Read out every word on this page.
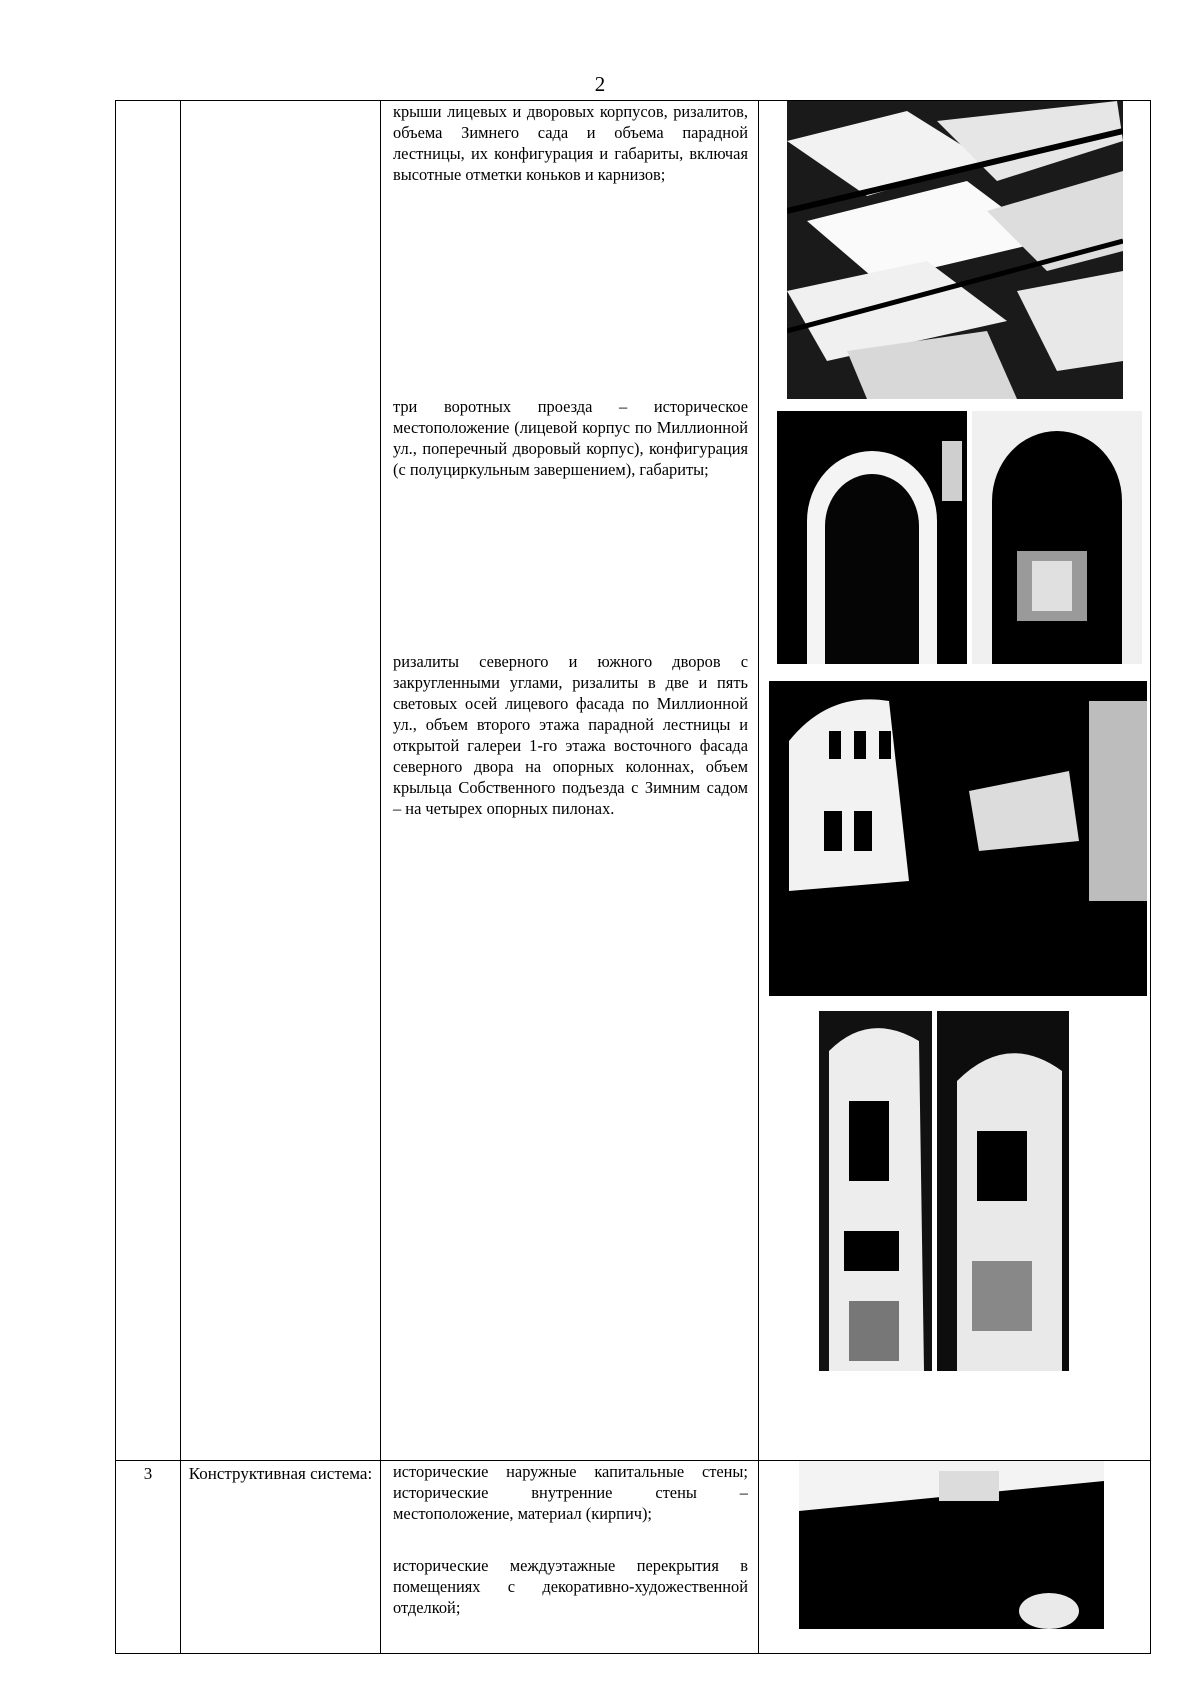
2

		крыши лицевых и дворовых корпусов, ризалитов, объема Зимнего сада и объема парадной лестницы, их конфигурация и габариты, включая высотные отметки коньков и карнизов;
три воротных проезда – историческое местоположение (лицевой корпус по Миллионной ул., поперечный дворовый корпус), конфигурация (с полуциркульным завершением), габариты;
ризалиты северного и южного дворов с закругленными углами, ризалиты в две и пять световых осей лицевого фасада по Миллионной ул., объем второго этажа парадной лестницы и открытой галереи 1-го этажа восточного фасада северного двора на опорных колоннах, объем крыльца Собственного подъезда с Зимним садом – на четырех опорных пилонах.

3	Конструктивная система:	исторические наружные капитальные стены; исторические внутренние стены – местоположение, материал (кирпич);
исторические междуэтажные перекрытия в помещениях с декоративно-художественной отделкой;
